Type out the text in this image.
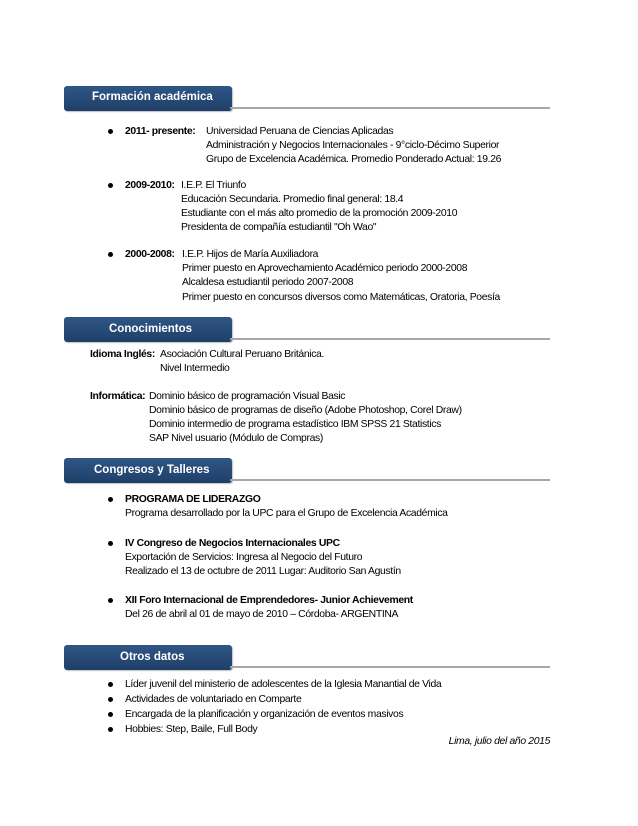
Formación académica
2011- presente: Universidad Peruana de Ciencias Aplicadas
Administración y Negocios Internacionales - 9°ciclo-Décimo Superior
Grupo de Excelencia Académica. Promedio Ponderado Actual: 19.26
2009-2010: I.E.P. El Triunfo
Educación Secundaria. Promedio final general: 18.4
Estudiante con el más alto promedio de la promoción 2009-2010
Presidenta de compañía estudiantil "Oh Wao"
2000-2008: I.E.P. Hijos de María Auxiliadora
Primer puesto en Aprovechamiento Académico periodo 2000-2008
Alcaldesa estudiantil periodo 2007-2008
Primer puesto en concursos diversos como Matemáticas, Oratoria, Poesía
Conocimientos
Idioma Inglés: Asociación Cultural Peruano Británica.
Nivel Intermedio
Informática: Dominio básico de programación Visual Basic
Dominio básico de programas de diseño (Adobe Photoshop, Corel Draw)
Dominio intermedio de programa estadístico IBM SPSS 21 Statistics
SAP Nivel usuario (Módulo de Compras)
Congresos y Talleres
PROGRAMA DE LIDERAZGO
Programa desarrollado por la UPC para el Grupo de Excelencia Académica
IV Congreso de Negocios Internacionales UPC
Exportación de Servicios: Ingresa al Negocio del Futuro
Realizado el 13 de octubre de 2011 Lugar: Auditorio San Agustín
XII Foro Internacional de Emprendedores- Junior Achievement
Del 26 de abril al 01 de mayo de 2010 – Córdoba- ARGENTINA
Otros datos
Líder juvenil del ministerio de adolescentes de la Iglesia Manantial de Vida
Actividades de voluntariado en Comparte
Encargada de la planificación y organización de eventos masivos
Hobbies: Step, Baile, Full Body
Lima, julio del año 2015
